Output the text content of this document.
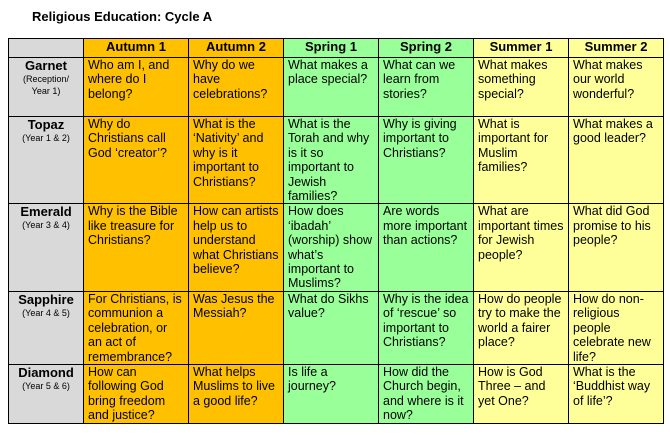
Religious Education: Cycle A
	Autumn 1	Autumn 2	Spring 1	Spring 2	Summer 1	Summer 2

Garnet
(Reception/ Year 1)	Who am I, and where do I belong?	Why do we have celebrations?	What makes a place special?	What can we learn from stories?	What makes something special?	What makes our world wonderful?

Topaz
(Year 1 & 2)	Why do Christians call God ‘creator’?	What is the ‘Nativity’ and why is it important to Christians?	What is the Torah and why is it so important to Jewish families?	Why is giving important to Christians?	What is important for Muslim families?	What makes a good leader?

Emerald
(Year 3 & 4)	Why is the Bible like treasure for Christians?	How can artists help us to understand what Christians believe?	How does ‘ibadah’ (worship) show what’s important to Muslims?	Are words more important than actions?	What are important times for Jewish people?	What did God promise to his people?

Sapphire
(Year 4 & 5)	For Christians, is communion a celebration, or an act of remembrance?	Was Jesus the Messiah?	What do Sikhs value?	Why is the idea of ‘rescue’ so important to Christians?	How do people try to make the world a fairer place?	How do non-religious people celebrate new life?

Diamond
(Year 5 & 6)	How can following God bring freedom and justice?	What helps Muslims to live a good life?	Is life a journey?	How did the Church begin, and where is it now?	How is God Three – and yet One?	What is the ‘Buddhist way of life’?
